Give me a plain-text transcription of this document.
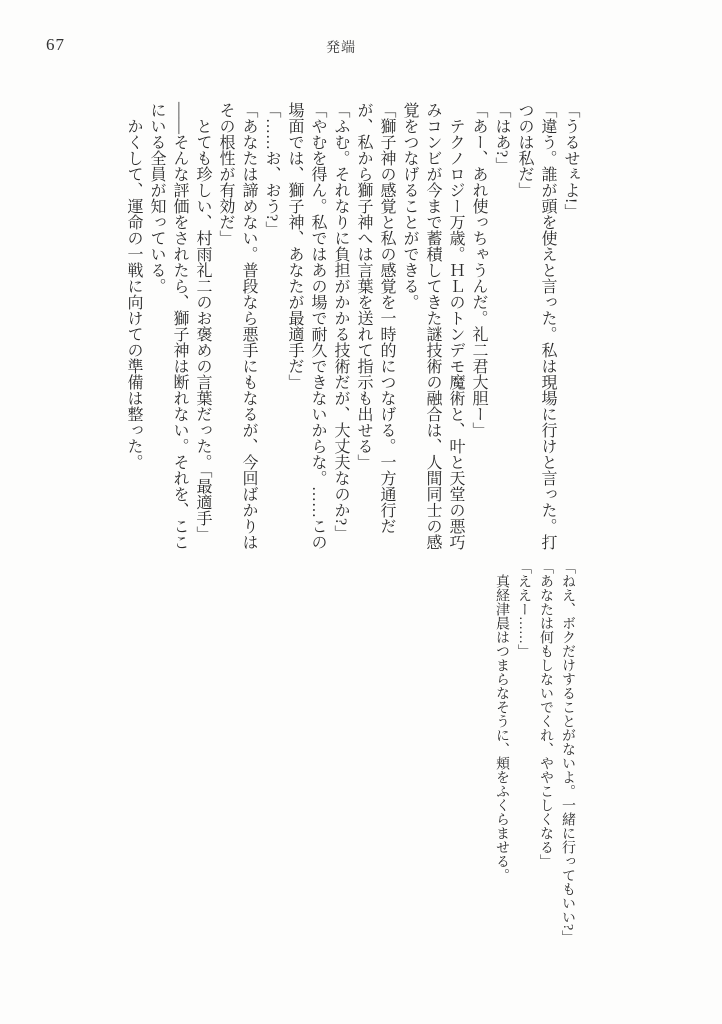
67	発端

「うるせぇよ!」

「違う。誰が頭を使えと言った。私は現場に行けと言った。打つのは私だ」

「はあ?」

「あー、あれ使っちゃうんだ。礼二君大胆ー」

テクノロジー万歳。ＨＬのトンデモ魔術と、叶と天堂の悪巧みコンビが今まで蓄積してきた謎技術の融合は、人間同士の感覚をつなげることができる。

「獅子神の感覚と私の感覚を一時的につなげる。一方通行だが、私から獅子神へは言葉を送れて指示も出せる」

「ふむ。それなりに負担がかかる技術だが、大丈夫なのか?」

「やむを得ん。私ではあの場で耐久できないからな。……この場面では、獅子神、あなたが最適手だ」

「……お、おう?」

「あなたは諦めない。普段なら悪手にもなるが、今回ばかりはその根性が有効だ」

とても珍しい、村雨礼二のお褒めの言葉だった。「最適手」——そんな評価をされたら、獅子神は断れない。それを、ここにいる全員が知っている。

かくして、運命の一戦に向けての準備は整った。

「ねえ、ボクだけすることがないよ。一緒に行ってもいい?」

「あなたは何もしないでくれ、ややこしくなる」

「ええー……」

真経津晨はつまらなそうに、頬をふくらませる。
